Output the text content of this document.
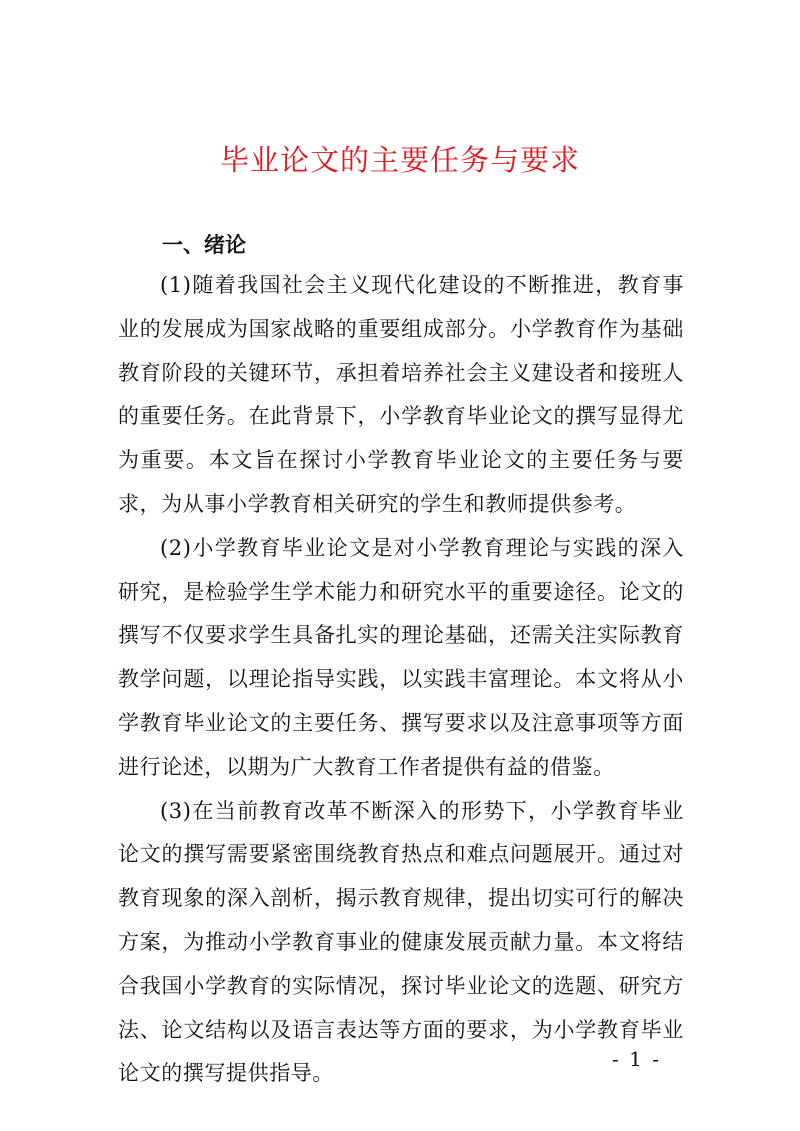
毕业论文的主要任务与要求
一、绪论

(1)随着我国社会主义现代化建设的不断推进，教育事业的发展成为国家战略的重要组成部分。小学教育作为基础教育阶段的关键环节，承担着培养社会主义建设者和接班人的重要任务。在此背景下，小学教育毕业论文的撰写显得尤为重要。本文旨在探讨小学教育毕业论文的主要任务与要求，为从事小学教育相关研究的学生和教师提供参考。

(2)小学教育毕业论文是对小学教育理论与实践的深入研究，是检验学生学术能力和研究水平的重要途径。论文的撰写不仅要求学生具备扎实的理论基础，还需关注实际教育教学问题，以理论指导实践，以实践丰富理论。本文将从小学教育毕业论文的主要任务、撰写要求以及注意事项等方面进行论述，以期为广大教育工作者提供有益的借鉴。

(3)在当前教育改革不断深入的形势下，小学教育毕业论文的撰写需要紧密围绕教育热点和难点问题展开。通过对教育现象的深入剖析，揭示教育规律，提出切实可行的解决方案，为推动小学教育事业的健康发展贡献力量。本文将结合我国小学教育的实际情况，探讨毕业论文的选题、研究方法、论文结构以及语言表达等方面的要求，为小学教育毕业论文的撰写提供指导。

- 1 -
